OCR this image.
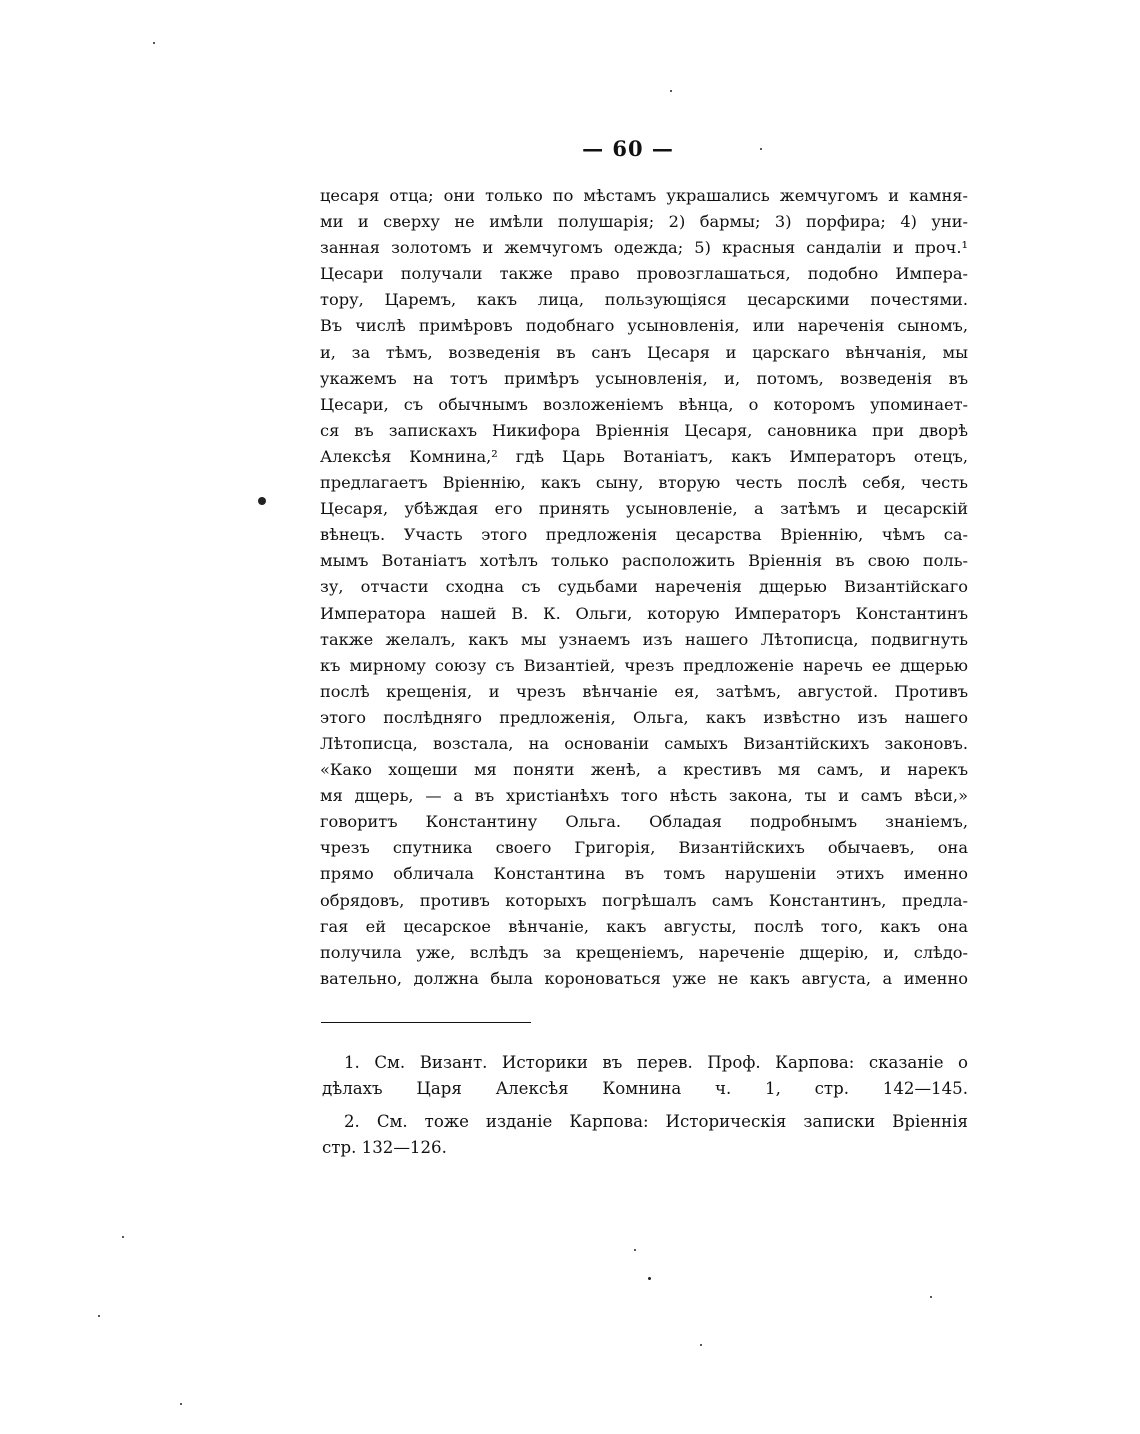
— 60 —
цесаря отца; они только по мѣстамъ украшались жемчугомъ и камня-
ми и сверху не имѣли полушарія; 2) бармы; 3) порфира; 4) уни-
занная золотомъ и жемчугомъ одежда; 5) красныя сандаліи и проч.¹
Цесари получали также право провозглашаться, подобно Импера-
тору, Царемъ, какъ лица, пользующіяся цесарскими почестями.
Въ числѣ примѣровъ подобнаго усыновленія, или нареченія сыномъ,
и, за тѣмъ, возведенія въ санъ Цесаря и царскаго вѣнчанія, мы
укажемъ на тотъ примѣръ усыновленія, и, потомъ, возведенія въ
Цесари, съ обычнымъ возложеніемъ вѣнца, о которомъ упоминает-
ся въ запискахъ Никифора Вріеннія Цесаря, сановника при дворѣ
Алексѣя Комнина,² гдѣ Царь Вотаніатъ, какъ Императоръ отецъ,
предлагаетъ Вріеннію, какъ сыну, вторую честь послѣ себя, честь
Цесаря, убѣждая его принять усыновленіе, а затѣмъ и цесарскій
вѣнецъ. Участь этого предложенія цесарства Вріеннію, чѣмъ са-
мымъ Вотаніатъ хотѣлъ только расположить Вріеннія въ свою поль-
зу, отчасти сходна съ судьбами нареченія дщерью Византійскаго
Императора нашей В. К. Ольги, которую Императоръ Константинъ
также желалъ, какъ мы узнаемъ изъ нашего Лѣтописца, подвигнуть
къ мирному союзу съ Византіей, чрезъ предложеніе наречь ее дщерью
послѣ крещенія, и чрезъ вѣнчаніе ея, затѣмъ, августой. Противъ
этого послѣдняго предложенія, Ольга, какъ извѣстно изъ нашего
Лѣтописца, возстала, на основаніи самыхъ Византійскихъ законовъ.
«Како хощеши мя поняти женѣ, а крестивъ мя самъ, и нарекъ
мя дщерь, — а въ христіанѣхъ того нѣсть закона, ты и самъ вѣси,»
говоритъ Константину Ольга. Обладая подробнымъ знаніемъ,
чрезъ спутника своего Григорія, Византійскихъ обычаевъ, она
прямо обличала Константина въ томъ нарушеніи этихъ именно
обрядовъ, противъ которыхъ погрѣшалъ самъ Константинъ, предла-
гая ей цесарское вѣнчаніе, какъ августы, послѣ того, какъ она
получила уже, вслѣдъ за крещеніемъ, нареченіе дщерію, и, слѣдо-
вательно, должна была короноваться уже не какъ августа, а именно
1. См. Визант. Историки въ перев. Проф. Карпова: сказаніе о
дѣлахъ Царя Алексѣя Комнина ч. 1, стр. 142—145.
2. См. тоже изданіе Карпова: Историческія записки Вріеннія
стр. 132—126.
